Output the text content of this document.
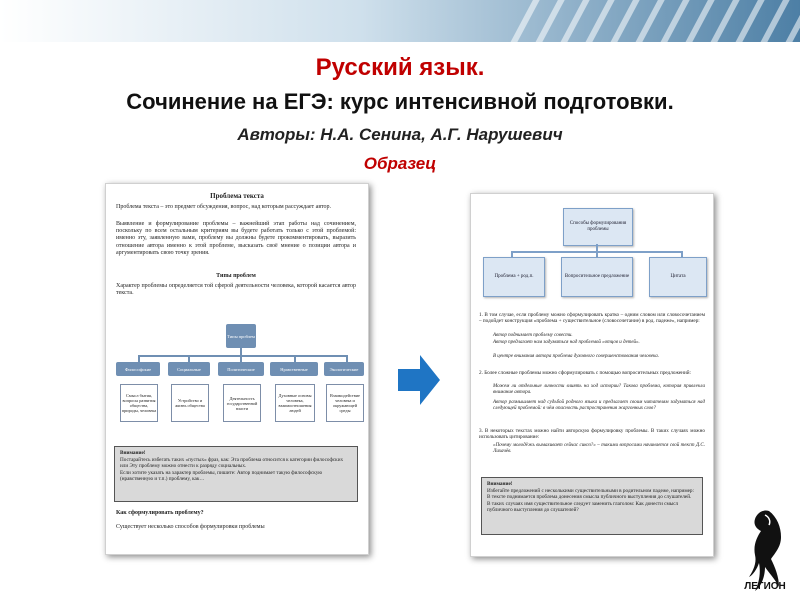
Русский язык.
Сочинение на ЕГЭ: курс интенсивной подготовки.
Авторы: Н.А. Сенина, А.Г. Нарушевич
Образец
Проблема текста
Проблема текста – это предмет обсуждения, вопрос, над которым рассуждает автор.
Выявление и формулирование проблемы – важнейший этап работы над сочинением, поскольку по всем остальным критериям вы будете работать только с этой проблемой: именно эту, заявленную вами, проблему вы должны будете прокомментировать, выразить отношение автора именно к этой проблеме, высказать своё мнение о позиции автора и аргументировать свою точку зрения.
Типы проблем
Характер проблемы определяется той сферой деятельности человека, которой касается автор текста.
Типы проблем
Философские	Социальные	Политические	Нравственные	Экологические
Смысл бытия, вопросы развития общества, природы, человека
Устройство и жизнь общества
Деятельность государственной власти
Духовные основы человека, взаимоотношения людей
Взаимодействие человека и окружающей среды
Внимание!
Постарайтесь избегать таких «пустых» фраз, как: Эта проблема относится к категории философских или Эту проблему можно отнести к разряду социальных.
Если хотите указать на характер проблемы, пишите: Автор поднимает такую философскую (нравственную и т.п.) проблему, как…
Как сформулировать проблему?
Существует несколько способов формулировки проблемы
Способы формулирования проблемы
Проблема + род.п.	Вопросительное предложение	Цитата
1. В том случае, если проблему можно сформулировать кратко – одним словом или словосочетанием – подойдет конструкция «проблема + существительное (словосочетание) в род. падеже», например:
Автор поднимает проблему совести.
Автор предлагает нам задуматься над проблемой «отцов и детей».
В центре внимания автора проблема духовного совершенствования человека.
2. Более сложные проблемы можно сформулировать с помощью вопросительных предложений:
Можем ли отдельные личности влиять на ход истории? Такова проблема, которая привлекла внимание автора.
Автор размышляет над судьбой родного языка и предлагает своим читателям задуматься над следующей проблемой: в чём опасность распространения жаргонных слов?
3. В некоторых текстах можно найти авторскую формулировку проблемы. В таких случаях можно использовать цитирование:
«Почему молодёжь вымахивает сейчас сикоз?» – такими вопросами начинается свой текст Д.С. Лихачёв.
Внимание!
Избегайте предложений с несколькими существительными в родительном падеже, например: В тексте поднимается проблема донесения смысла публичного выступления до слушателей.
В таких случаях имя существительное следует заменить глаголом: Как донести смысл публичного выступления до слушателей?
ЛЕГИОН
